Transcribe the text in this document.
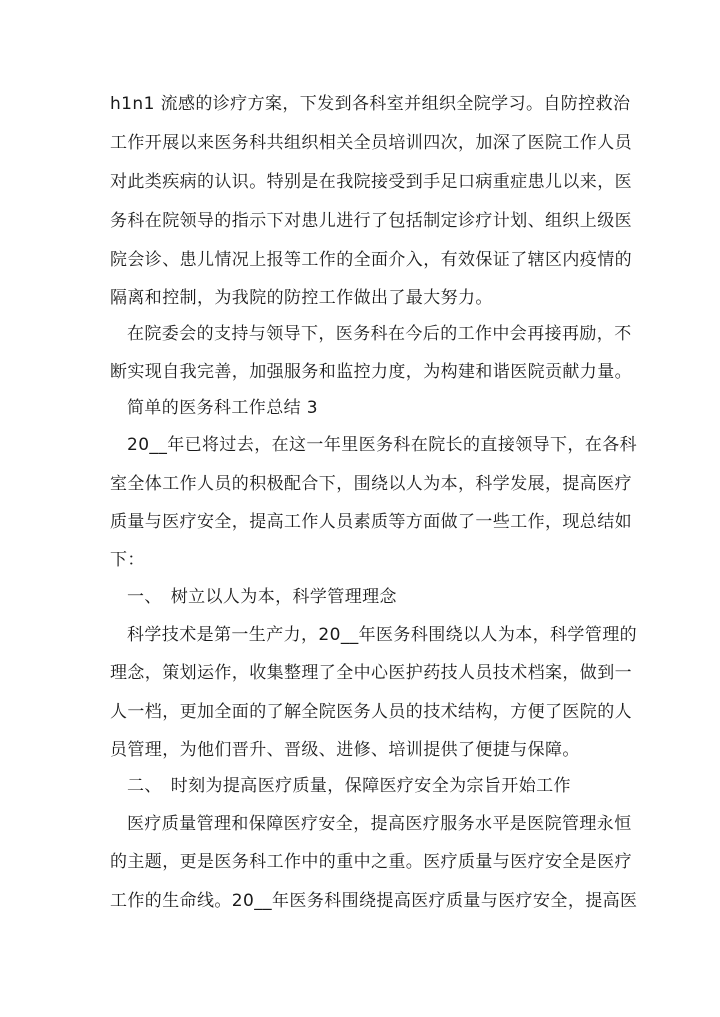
h1n1 流感的诊疗方案，下发到各科室并组织全院学习。自防控救治
工作开展以来医务科共组织相关全员培训四次，加深了医院工作人员
对此类疾病的认识。特别是在我院接受到手足口病重症患儿以来，医
务科在院领导的指示下对患儿进行了包括制定诊疗计划、组织上级医
院会诊、患儿情况上报等工作的全面介入，有效保证了辖区内疫情的
隔离和控制，为我院的防控工作做出了最大努力。
在院委会的支持与领导下，医务科在今后的工作中会再接再励，不
断实现自我完善，加强服务和监控力度，为构建和谐医院贡献力量。
简单的医务科工作总结 3
20__年已将过去，在这一年里医务科在院长的直接领导下，在各科
室全体工作人员的积极配合下，围绕以人为本，科学发展，提高医疗
质量与医疗安全，提高工作人员素质等方面做了一些工作，现总结如
下：
一、　树立以人为本，科学管理理念
科学技术是第一生产力，20__年医务科围绕以人为本，科学管理的
理念，策划运作，收集整理了全中心医护药技人员技术档案，做到一
人一档，更加全面的了解全院医务人员的技术结构，方便了医院的人
员管理，为他们晋升、晋级、进修、培训提供了便捷与保障。
二、　时刻为提高医疗质量，保障医疗安全为宗旨开始工作
医疗质量管理和保障医疗安全，提高医疗服务水平是医院管理永恒
的主题，更是医务科工作中的重中之重。医疗质量与医疗安全是医疗
工作的生命线。20__年医务科围绕提高医疗质量与医疗安全，提高医
